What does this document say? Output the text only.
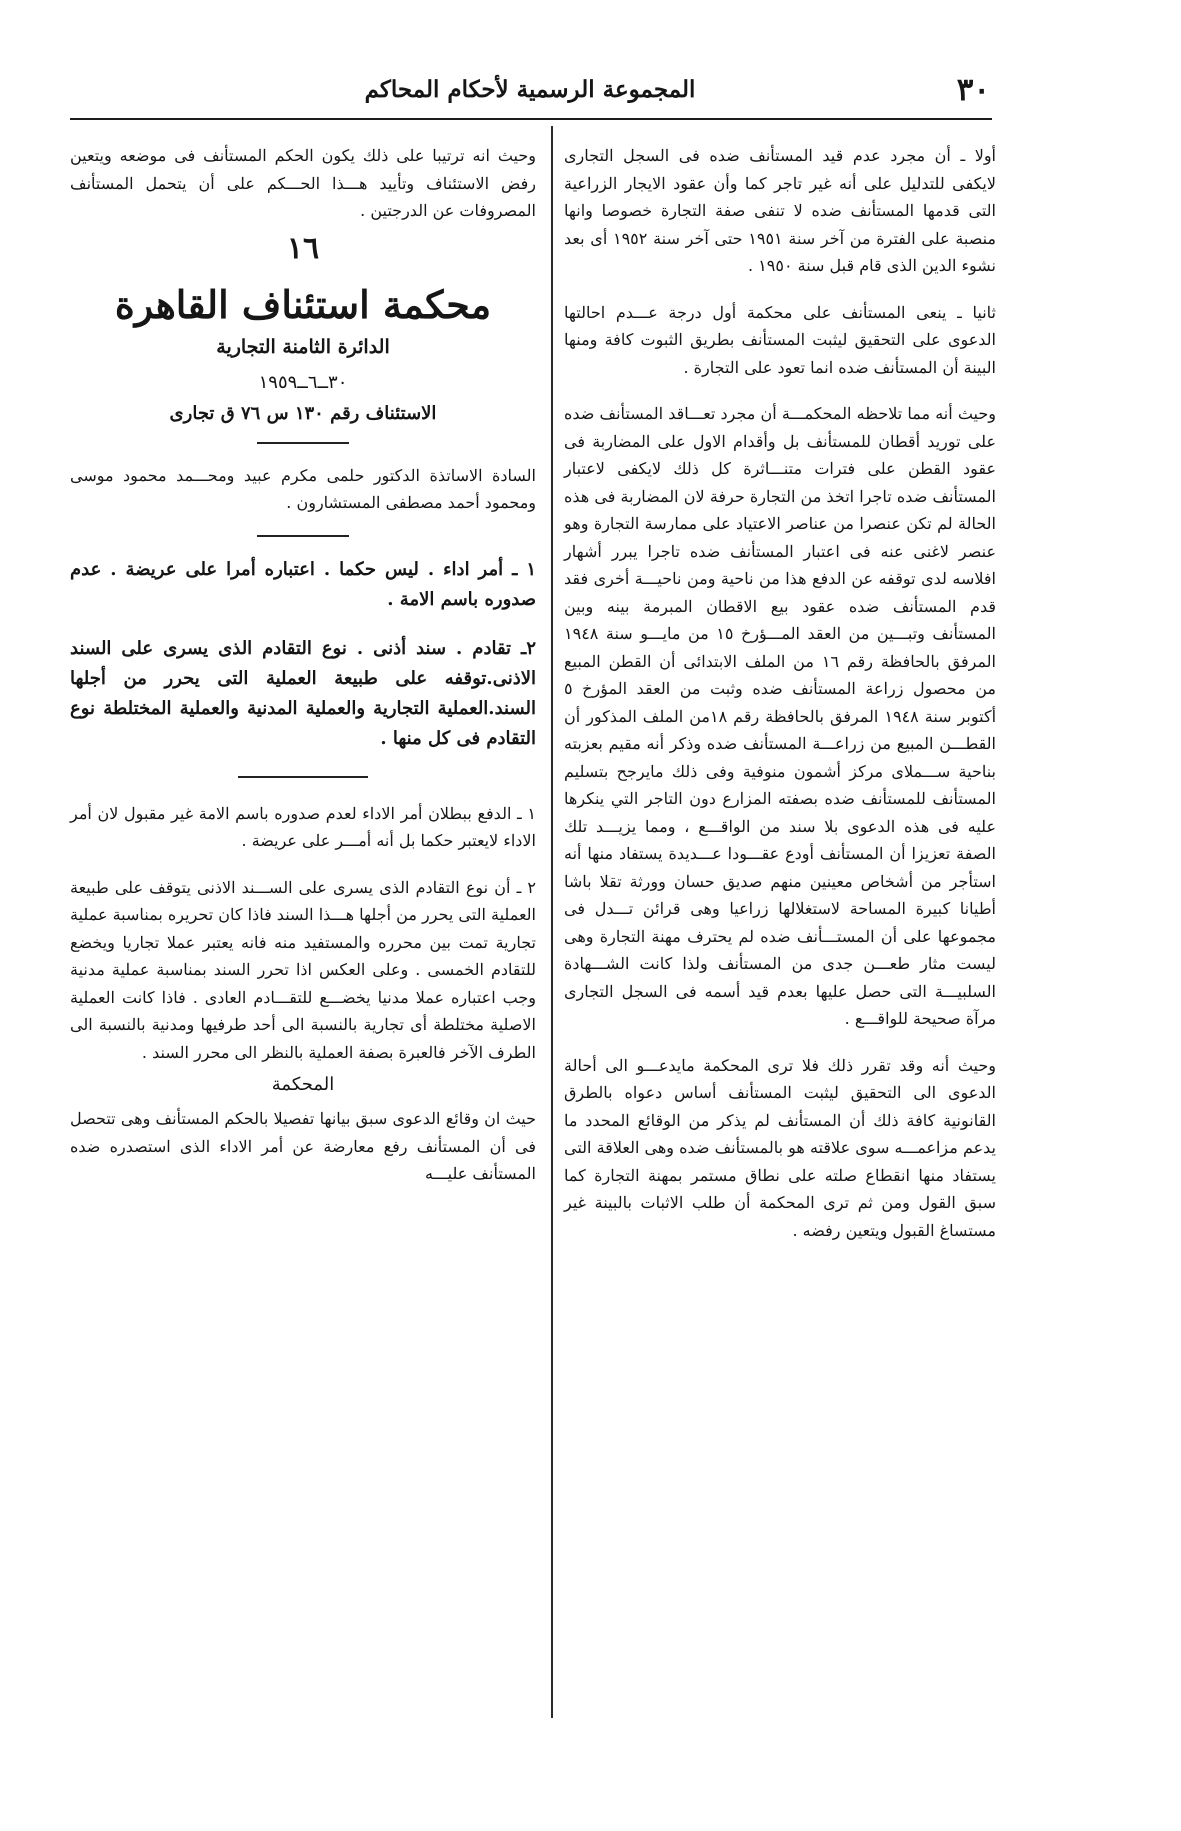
٣٠
المجموعة الرسمية لأحكام المحاكم

أولا ـ أن مجرد عدم قيد المستأنف ضده فى السجل التجارى لايكفى للتدليل على أنه غير تاجر كما وأن عقود الايجار الزراعية التى قدمها المستأنف ضده لا تنفى صفة التجارة خصوصا وانها منصبة على الفترة من آخر سنة ١٩٥١ حتى آخر سنة ١٩٥٢ أى بعد نشوء الدين الذى قام قبل سنة ١٩٥٠ .

ثانيا ـ ينعى المستأنف على محكمة أول درجة عـــدم احالتها الدعوى على التحقيق ليثبت المستأنف بطريق الثبوت كافة ومنها البينة أن المستأنف ضده انما تعود على التجارة .

وحيث أنه مما تلاحظه المحكمـــة أن مجرد تعـــاقد المستأنف ضده على توريد أقطان للمستأنف بل وأقدام الاول على المضاربة فى عقود القطن على فترات متنـــاثرة كل ذلك لايكفى لاعتبار المستأنف ضده تاجرا اتخذ من التجارة حرفة لان المضاربة فى هذه الحالة لم تكن عنصرا من عناصر الاعتياد على ممارسة التجارة وهو عنصر لاغنى عنه فى اعتبار المستأنف ضده تاجرا يبرر أشهار افلاسه لدى توقفه عن الدفع هذا من ناحية ومن ناحيـــة أخرى فقد قدم المستأنف ضده عقود بيع الاقطان المبرمة بينه وبين المستأنف وتبـــين من العقد المـــؤرخ ١٥ من مايـــو سنة ١٩٤٨ المرفق بالحافظة رقم ١٦ من الملف الابتدائى أن القطن المبيع من محصول زراعة المستأنف ضده وثبت من العقد المؤرخ ٥ أكتوبر سنة ١٩٤٨ المرفق بالحافظة رقم ١٨من الملف المذكور أن القطـــن المبيع من زراعـــة المستأنف ضده وذكر أنه مقيم بعزبته بناحية ســـملاى مركز أشمون منوفية وفى ذلك مايرجح بتسليم المستأنف للمستأنف ضده بصفته المزارع دون التاجر التي ينكرها عليه فى هذه الدعوى بلا سند من الواقـــع ، ومما يزيـــد تلك الصفة تعزيزا أن المستأنف أودع عقـــودا عـــديدة يستفاد منها أنه استأجر من أشخاص معينين منهم صديق حسان وورثة تقلا باشا أطيانا كبيرة المساحة لاستغلالها زراعيا وهى قرائن تـــدل فى مجموعها على أن المستـــأنف ضده لم يحترف مهنة التجارة وهى ليست مثار طعـــن جدى من المستأنف ولذا كانت الشـــهادة السلبيـــة التى حصل عليها بعدم قيد أسمه فى السجل التجارى مرآة صحيحة للواقـــع .

وحيث أنه وقد تقرر ذلك فلا ترى المحكمة مايدعـــو الى أحالة الدعوى الى التحقيق ليثبت المستأنف أساس دعواه بالطرق القانونية كافة ذلك أن المستأنف لم يذكر من الوقائع المحدد ما يدعم مزاعمـــه سوى علاقته هو بالمستأنف ضده وهى العلاقة التى يستفاد منها انقطاع صلته على نطاق مستمر بمهنة التجارة كما سبق القول ومن ثم ترى المحكمة أن طلب الاثبات بالبينة غير مستساغ القبول ويتعين رفضه .

وحيث انه ترتيبا على ذلك يكون الحكم المستأنف فى موضعه ويتعين رفض الاستئناف وتأييد هـــذا الحـــكم على أن يتحمل المستأنف المصروفات عن الدرجتين .

١٦
محكمة استئناف القاهرة
الدائرة الثامنة التجارية
٣٠ــ٦ــ١٩٥٩
الاستئناف رقم ١٣٠ س ٧٦ ق تجارى

السادة الاساتذة الدكتور حلمى مكرم عبيد ومحـــمد محمود موسى ومحمود أحمد مصطفى المستشارون .

١ ـ أمر اداء . ليس حكما . اعتباره أمرا على عريضة . عدم صدوره باسم الامة .

٢ـ تقادم . سند أذنى . نوع التقادم الذى يسرى على السند الاذنى.توقفه على طبيعة العملية التى يحرر من أجلها السند.العملية التجارية والعملية المدنية والعملية المختلطة نوع التقادم فى كل منها .

١ ـ الدفع ببطلان أمر الاداء لعدم صدوره باسم الامة غير مقبول لان أمر الاداء لايعتبر حكما بل أنه أمـــر على عريضة .

٢ ـ أن نوع التقادم الذى يسرى على الســـند الاذنى يتوقف على طبيعة العملية التى يحرر من أجلها هـــذا السند فاذا كان تحريره بمناسبة عملية تجارية تمت بين محرره والمستفيد منه فانه يعتبر عملا تجاريا ويخضع للتقادم الخمسى . وعلى العكس اذا تحرر السند بمناسبة عملية مدنية وجب اعتباره عملا مدنيا يخضـــع للتقـــادم العادى . فاذا كانت العملية الاصلية مختلطة أى تجارية بالنسبة الى أحد طرفيها ومدنية بالنسبة الى الطرف الآخر فالعبرة بصفة العملية بالنظر الى محرر السند .

المحكمة

حيث ان وقائع الدعوى سبق بيانها تفصيلا بالحكم المستأنف وهى تتحصل فى أن المستأنف رفع معارضة عن أمر الاداء الذى استصدره ضده المستأنف عليـــه
